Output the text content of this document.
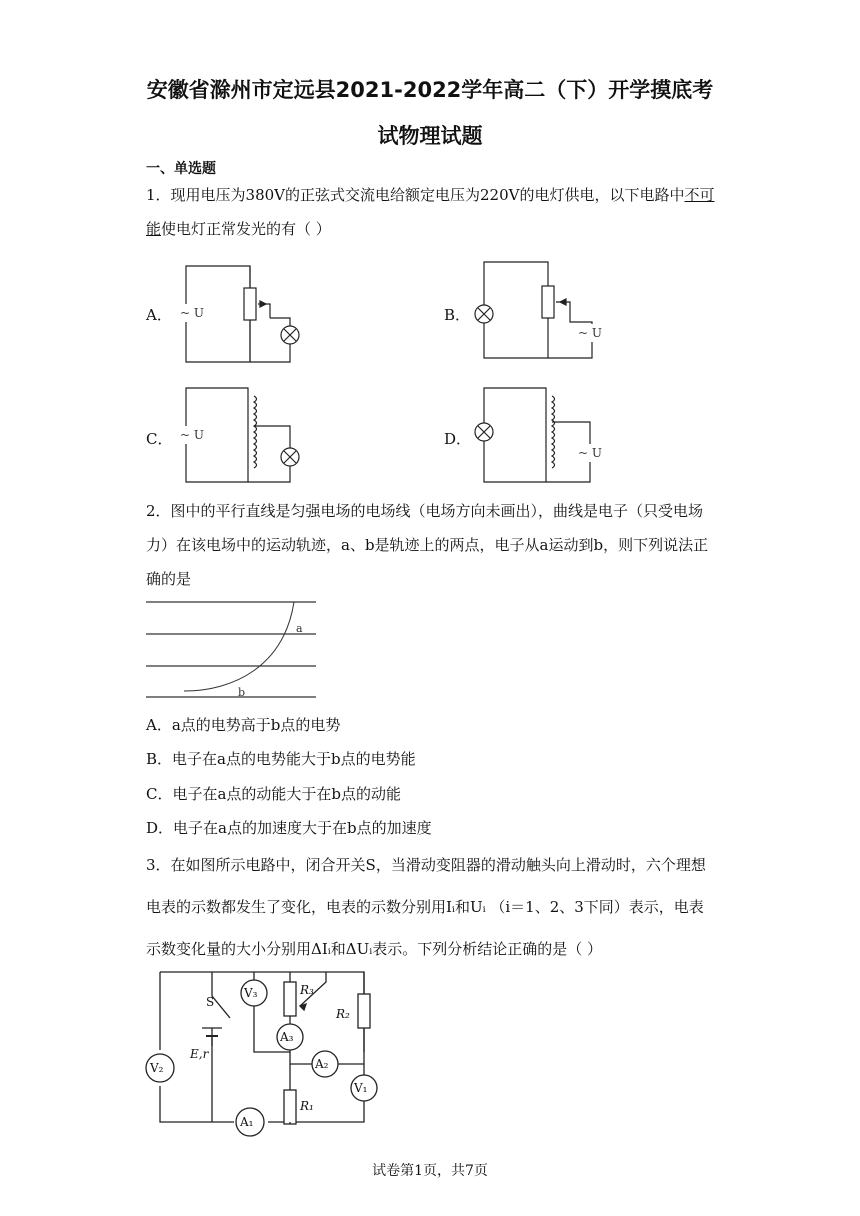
安徽省滁州市定远县2021-2022学年高二（下）开学摸底考
试物理试题
一、单选题
1．现用电压为380V的正弦式交流电给额定电压为220V的电灯供电，以下电路中不可能使电灯正常发光的有（ ）
A．	B．
C．	D．
~ U
~ U
~ U
~ U
2．图中的平行直线是匀强电场的电场线（电场方向未画出），曲线是电子（只受电场力）在该电场中的运动轨迹，a、b是轨迹上的两点，电子从a运动到b，则下列说法正确的是
a
b
A．a点的电势高于b点的电势
B．电子在a点的电势能大于b点的电势能
C．电子在a点的动能大于在b点的动能
D．电子在a点的加速度大于在b点的加速度
3．在如图所示电路中，闭合开关S，当滑动变阻器的滑动触头向上滑动时，六个理想电表的示数都发生了变化，电表的示数分别用Iᵢ和Uᵢ （i＝1、2、3下同）表示，电表示数变化量的大小分别用ΔIᵢ和ΔUᵢ表示。下列分析结论正确的是（ ）
V₃
A₃
A₂
V₁
V₂
A₁
R₃
R₂
R₁
S
E,r
试卷第1页，共7页
